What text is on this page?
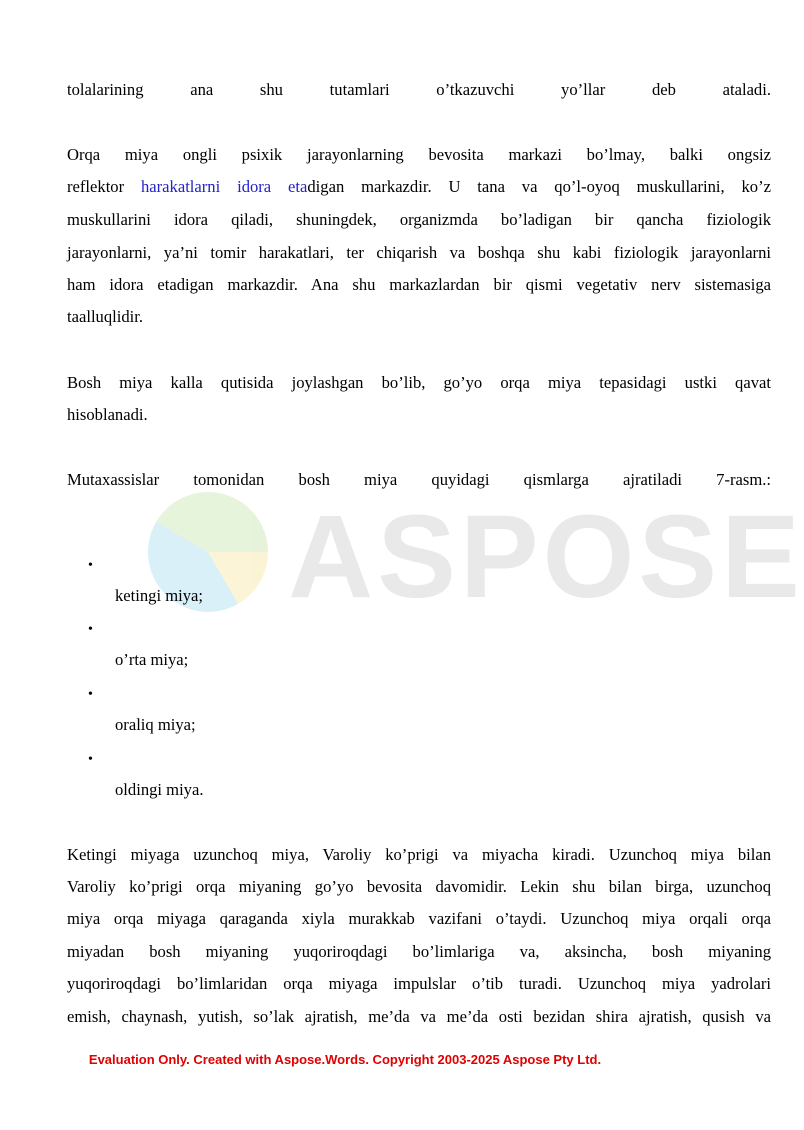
ASPOSE
tolalarining ana shu tutamlari o’tkazuvchi yo’llar deb ataladi.
Orqa miya ongli psixik jarayonlarning bevosita markazi bo’lmay, balki ongsiz
reflektor harakatlarni idora etadigan markazdir. U tana va qo’l-oyoq muskullarini, ko’z
muskullarini idora qiladi, shuningdek, organizmda bo’ladigan bir qancha fiziologik
jarayonlarni, ya’ni tomir harakatlari, ter chiqarish va boshqa shu kabi fiziologik jarayonlarni
ham idora etadigan markazdir. Ana shu markazlardan bir qismi vegetativ nerv sistemasiga
taalluqlidir.
Bosh miya kalla qutisida joylashgan bo’lib, go’yo orqa miya tepasidagi ustki qavat
hisoblanadi.
Mutaxassislar tomonidan bosh miya quyidagi qismlarga ajratiladi 7-rasm.:
•
ketingi miya;
•
o’rta miya;
•
oraliq miya;
•
oldingi miya.
Ketingi miyaga uzunchoq miya, Varoliy ko’prigi va miyacha kiradi. Uzunchoq miya bilan
Varoliy ko’prigi orqa miyaning go’yo bevosita davomidir. Lekin shu bilan birga, uzunchoq
miya orqa miyaga qaraganda xiyla murakkab vazifani o’taydi. Uzunchoq miya orqali orqa
miyadan bosh miyaning yuqoriroqdagi bo’limlariga va, aksincha, bosh miyaning
yuqoriroqdagi bo’limlaridan orqa miyaga impulslar o’tib turadi. Uzunchoq miya yadrolari
emish, chaynash, yutish, so’lak ajratish, me’da va me’da osti bezidan shira ajratish, qusish va
Evaluation Only. Created with Aspose.Words. Copyright 2003-2025 Aspose Pty Ltd.
